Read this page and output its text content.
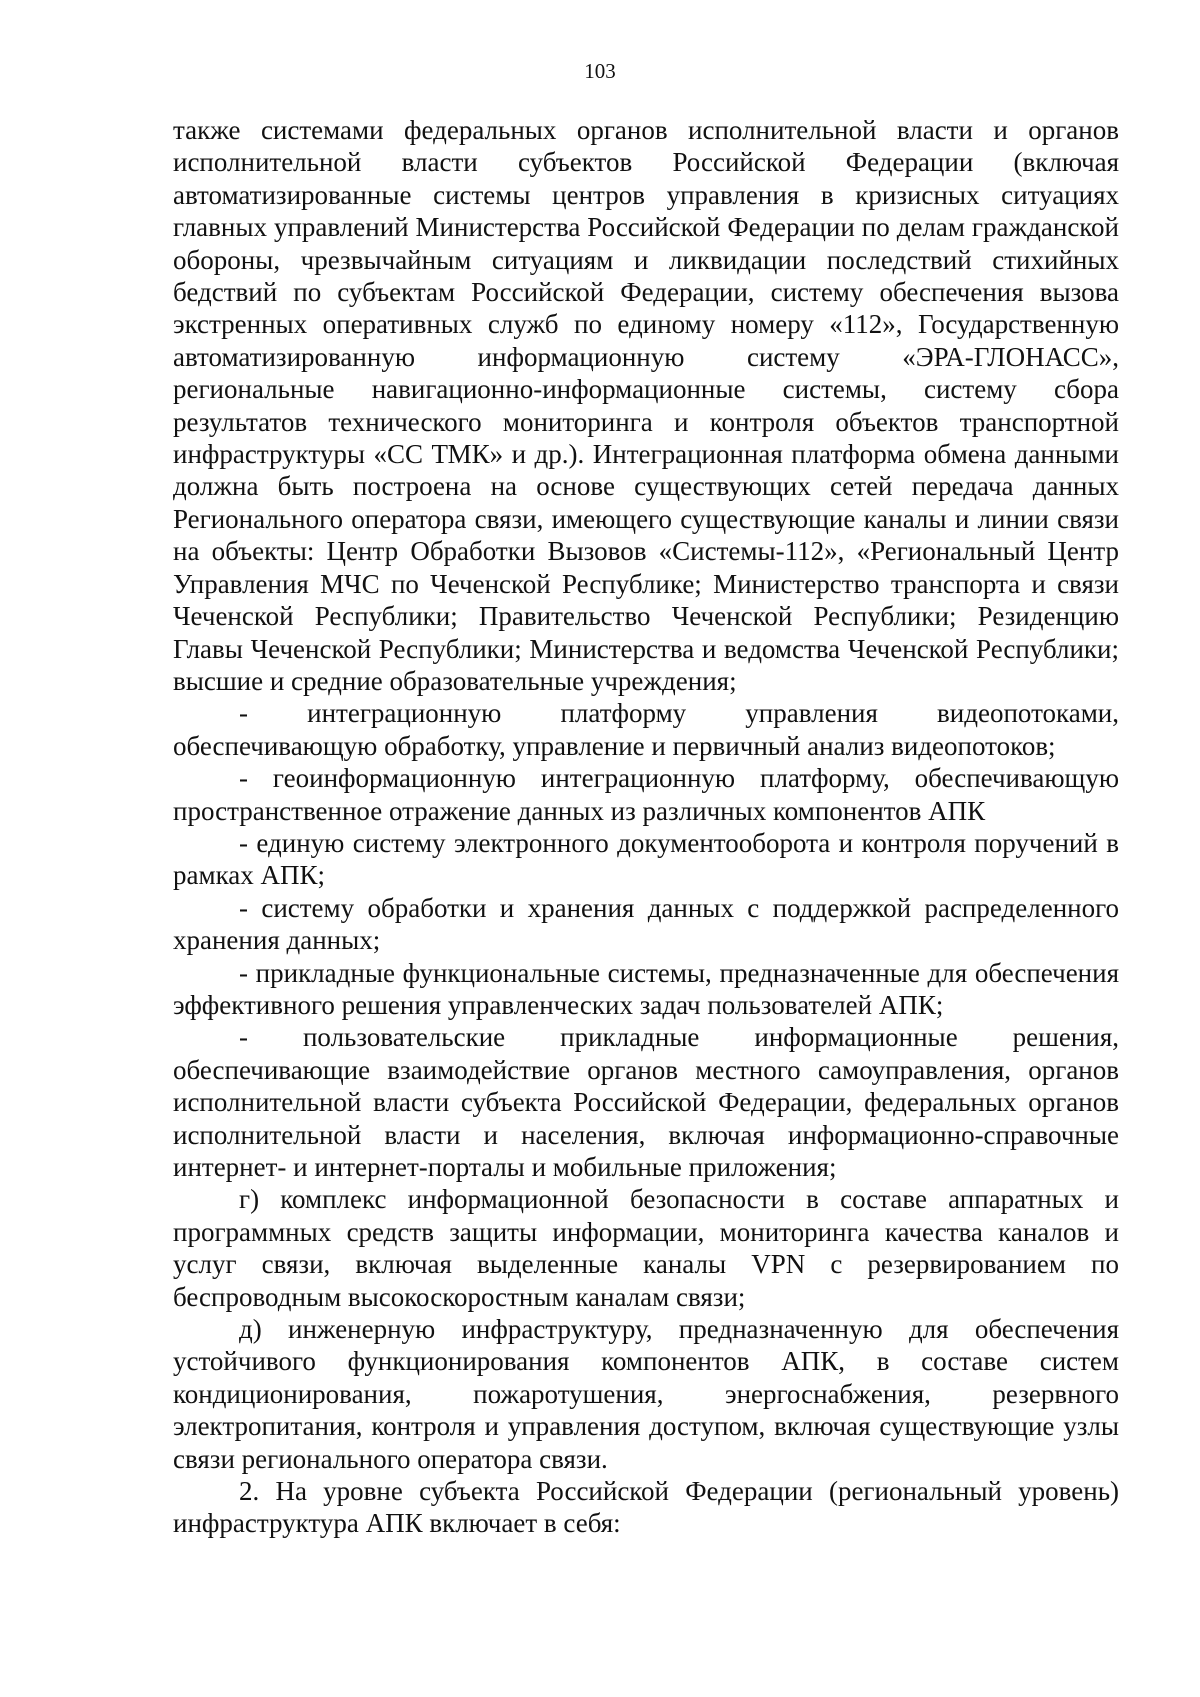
103

также системами федеральных органов исполнительной власти и органов исполнительной власти субъектов Российской Федерации (включая автоматизированные системы центров управления в кризисных ситуациях главных управлений Министерства Российской Федерации по делам гражданской обороны, чрезвычайным ситуациям и ликвидации последствий стихийных бедствий по субъектам Российской Федерации, систему обеспечения вызова экстренных оперативных служб по единому номеру «112», Государственную автоматизированную информационную систему «ЭРА-ГЛОНАСС», региональные навигационно-информационные системы, систему сбора результатов технического мониторинга и контроля объектов транспортной инфраструктуры «СС ТМК» и др.). Интеграционная платформа обмена данными должна быть построена на основе существующих сетей передача данных Регионального оператора связи, имеющего существующие каналы и линии связи на объекты: Центр Обработки Вызовов «Системы-112», «Региональный Центр Управления МЧС по Чеченской Республике; Министерство транспорта и связи Чеченской Республики; Правительство Чеченской Республики; Резиденцию Главы Чеченской Республики; Министерства и ведомства Чеченской Республики; высшие и средние образовательные учреждения;

- интеграционную платформу управления видеопотоками, обеспечивающую обработку, управление и первичный анализ видеопотоков;

- геоинформационную интеграционную платформу, обеспечивающую пространственное отражение данных из различных компонентов АПК

- единую систему электронного документооборота и контроля поручений в рамках АПК;

- систему обработки и хранения данных с поддержкой распределенного хранения данных;

- прикладные функциональные системы, предназначенные для обеспечения эффективного решения управленческих задач пользователей АПК;

- пользовательские прикладные информационные решения, обеспечивающие взаимодействие органов местного самоуправления, органов исполнительной власти субъекта Российской Федерации, федеральных органов исполнительной власти и населения, включая информационно-справочные интернет- и интернет-порталы и мобильные приложения;

г) комплекс информационной безопасности в составе аппаратных и программных средств защиты информации, мониторинга качества каналов и услуг связи, включая выделенные каналы VPN с резервированием по беспроводным высокоскоростным каналам связи;

д) инженерную инфраструктуру, предназначенную для обеспечения устойчивого функционирования компонентов АПК, в составе систем кондиционирования, пожаротушения, энергоснабжения, резервного электропитания, контроля и управления доступом, включая существующие узлы связи регионального оператора связи.

2. На уровне субъекта Российской Федерации (региональный уровень) инфраструктура АПК включает в себя:
